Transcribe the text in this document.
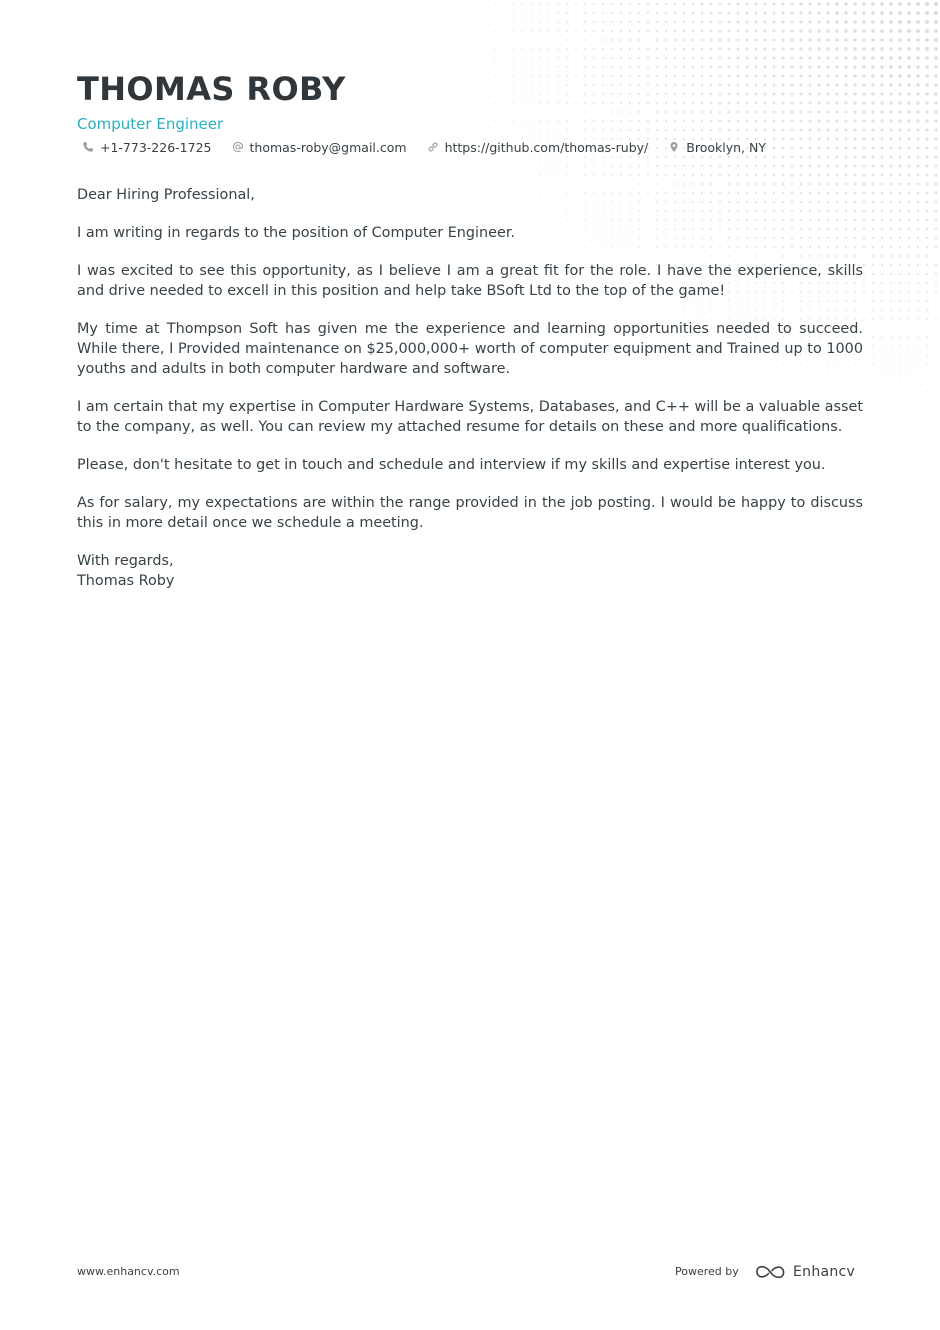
THOMAS ROBY
Computer Engineer
+1-773-226-1725	thomas-roby@gmail.com	https://github.com/thomas-ruby/	Brooklyn, NY

Dear Hiring Professional,

I am writing in regards to the position of Computer Engineer.

I was excited to see this opportunity, as I believe I am a great fit for the role. I have the experience, skills and drive needed to excell in this position and help take BSoft Ltd to the top of the game!

My time at Thompson Soft has given me the experience and learning opportunities needed to succeed. While there, I Provided maintenance on $25,000,000+ worth of computer equipment and Trained up to 1000 youths and adults in both computer hardware and software.

I am certain that my expertise in Computer Hardware Systems, Databases, and C++ will be a valuable asset to the company, as well. You can review my attached resume for details on these and more qualifications.

Please, don't hesitate to get in touch and schedule and interview if my skills and expertise interest you.

As for salary, my expectations are within the range provided in the job posting. I would be happy to discuss this in more detail once we schedule a meeting.

With regards,

Thomas Roby

www.enhancv.com	Powered by	Enhancv
